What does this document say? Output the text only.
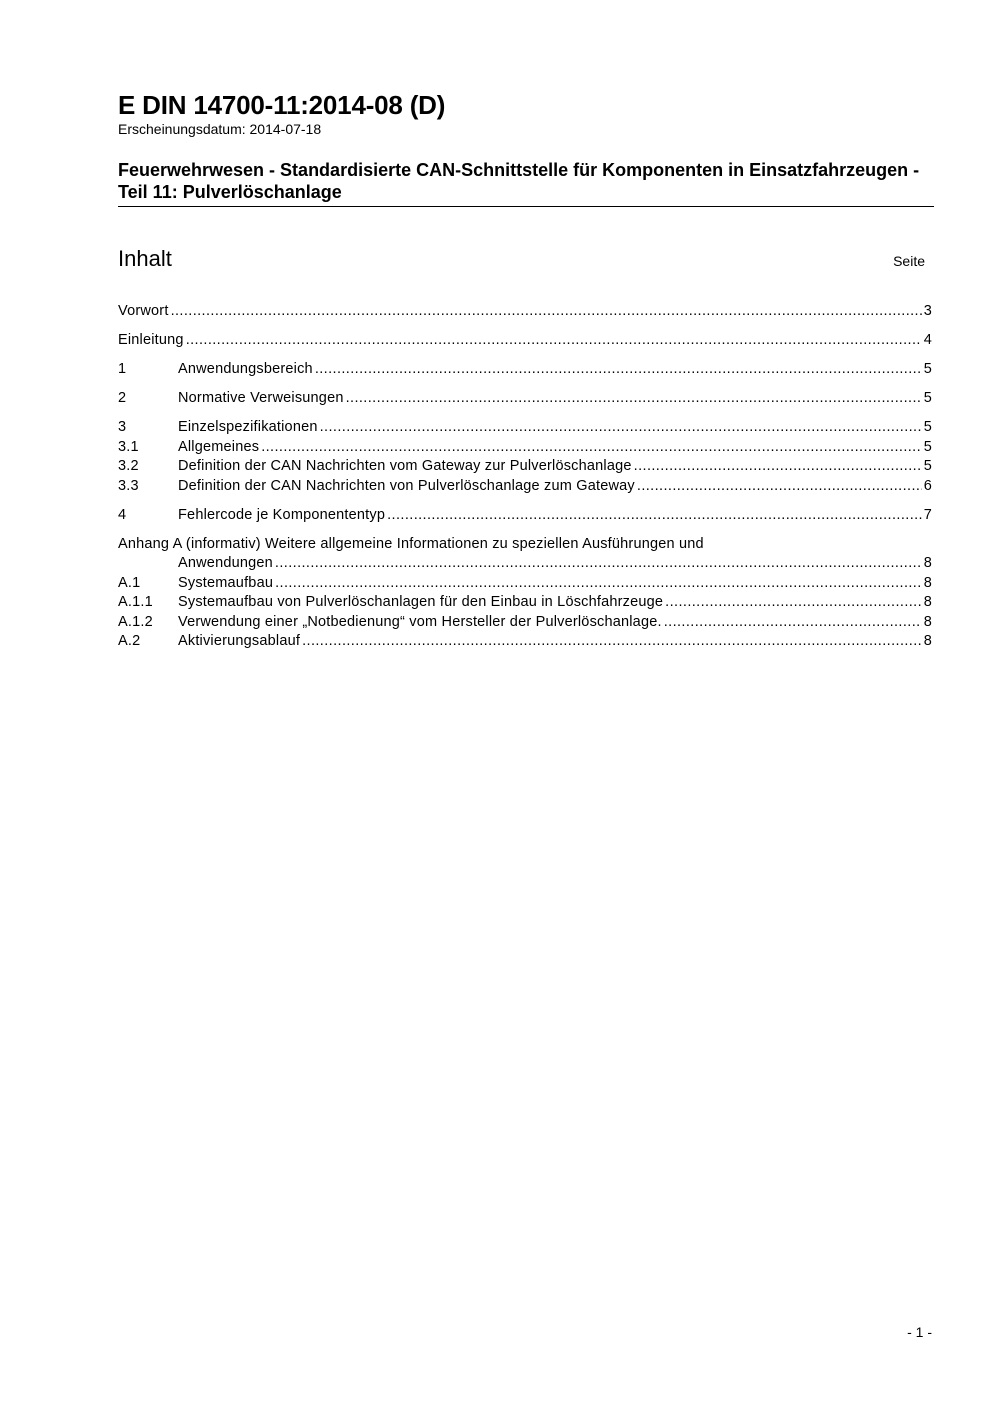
E DIN 14700-11:2014-08 (D)
Erscheinungsdatum: 2014-07-18
Feuerwehrwesen - Standardisierte CAN-Schnittstelle für Komponenten in Einsatzfahrzeugen - Teil 11: Pulverlöschanlage
Inhalt	Seite
Vorwort .....	3
Einleitung .....	4
1	Anwendungsbereich .....	5
2	Normative Verweisungen .....	5
3	Einzelspezifikationen .....	5
3.1	Allgemeines .....	5
3.2	Definition der CAN Nachrichten vom Gateway zur Pulverlöschanlage .....	5
3.3	Definition der CAN Nachrichten von Pulverlöschanlage zum Gateway .....	6
4	Fehlercode je Komponententyp .....	7
Anhang A (informativ) Weitere allgemeine Informationen zu speziellen Ausführungen und
Anwendungen .....	8
A.1	Systemaufbau .....	8
A.1.1	Systemaufbau von Pulverlöschanlagen für den Einbau in Löschfahrzeuge .....	8
A.1.2	Verwendung einer „Notbedienung“ vom Hersteller der Pulverlöschanlage. .....	8
A.2	Aktivierungsablauf .....	8
- 1 -
